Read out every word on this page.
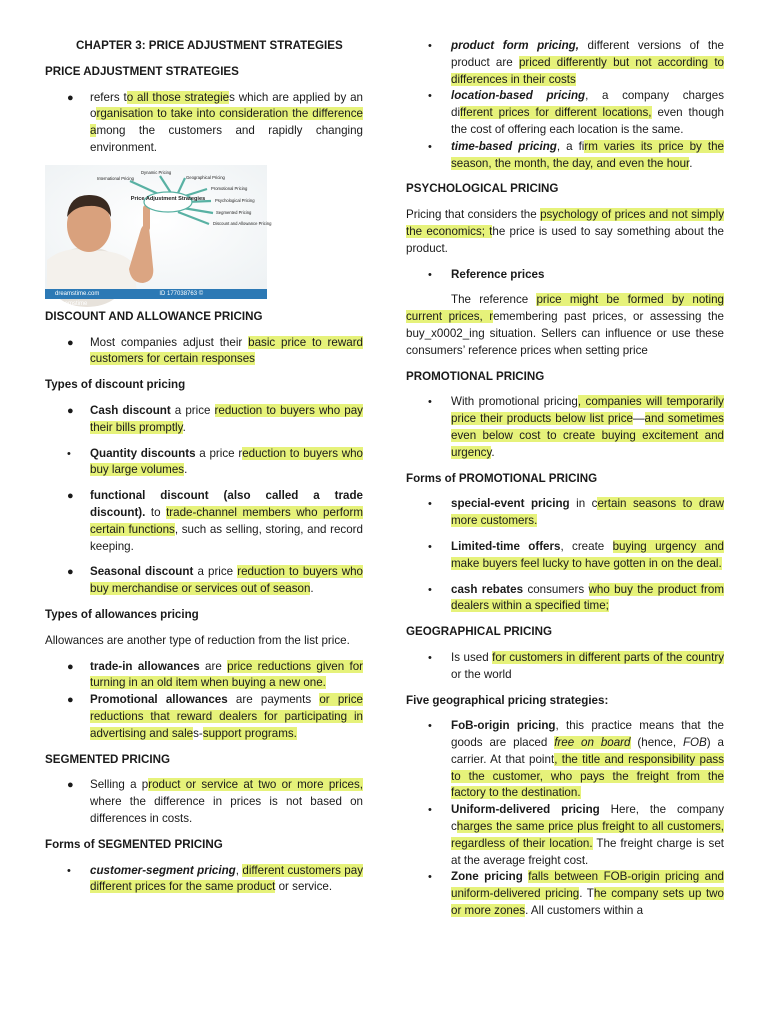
CHAPTER 3: PRICE ADJUSTMENT STRATEGIES

PRICE ADJUSTMENT STRATEGIES

● refers to all those strategies which are applied by an organisation to take into consideration the difference among the customers and rapidly changing environment.
Price Adjustment Strategies
International Pricing
Dynamic Pricing
Geographical Pricing
Promotional Pricing
Psychological Pricing
Segmented Pricing
Discount and Allowance Pricing
dreamstime.com	ID 177038763 © Dreamstime

DISCOUNT AND ALLOWANCE PRICING

● Most companies adjust their basic price to reward customers for certain responses

Types of discount pricing

● Cash discount a price reduction to buyers who pay their bills promptly.
• Quantity discounts a price reduction to buyers who buy large volumes.
● functional discount (also called a trade discount). to trade-channel members who perform certain functions, such as selling, storing, and record keeping.
● Seasonal discount a price reduction to buyers who buy merchandise or services out of season.

Types of allowances pricing

Allowances are another type of reduction from the list price.

● trade-in allowances are price reductions given for turning in an old item when buying a new one.
● Promotional allowances are payments or price reductions that reward dealers for participating in advertising and sales-support programs.

SEGMENTED PRICING

● Selling a product or service at two or more prices, where the difference in prices is not based on differences in costs.

Forms of SEGMENTED PRICING

• customer-segment pricing, different customers pay different prices for the same product or service.
• product form pricing, different versions of the product are priced differently but not according to differences in their costs
• location-based pricing, a company charges different prices for different locations, even though the cost of offering each location is the same.
• time-based pricing, a firm varies its price by the season, the month, the day, and even the hour.

PSYCHOLOGICAL PRICING

Pricing that considers the psychology of prices and not simply the economics; the price is used to say something about the product.

• Reference prices

The reference price might be formed by noting current prices, remembering past prices, or assessing the buy_x0002_ing situation. Sellers can influence or use these consumers’ reference prices when setting price

PROMOTIONAL PRICING

• With promotional pricing, companies will temporarily price their products below list price—and sometimes even below cost to create buying excitement and urgency.

Forms of PROMOTIONAL PRICING

• special-event pricing in certain seasons to draw more customers.
• Limited-time offers, create buying urgency and make buyers feel lucky to have gotten in on the deal.
• cash rebates consumers who buy the product from dealers within a specified time;

GEOGRAPHICAL PRICING

• Is used for customers in different parts of the country or the world

Five geographical pricing strategies:

• FoB-origin pricing, this practice means that the goods are placed free on board (hence, FOB) a carrier. At that point, the title and responsibility pass to the customer, who pays the freight from the factory to the destination.
• Uniform-delivered pricing Here, the company charges the same price plus freight to all customers, regardless of their location. The freight charge is set at the average freight cost.
• Zone pricing falls between FOB-origin pricing and uniform-delivered pricing. The company sets up two or more zones. All customers within a
